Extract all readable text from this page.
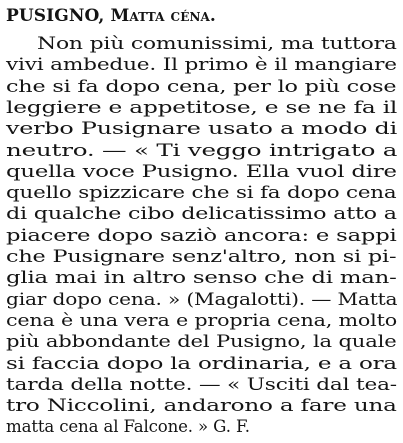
PUSIGNO, Matta céna.
Non più comunissimi, ma tuttora
vivi ambedue. Il primo è il mangiare
che si fa dopo cena, per lo più cose
leggiere e appetitose, e se ne fa il
verbo Pusignare usato a modo di
neutro. — « Ti veggo intrigato a
quella voce Pusigno. Ella vuol dire
quello spizzicare che si fa dopo cena
di qualche cibo delicatissimo atto a
piacere dopo saziò ancora: e sappi
che Pusignare senz'altro, non si pi-
glia mai in altro senso che di man-
giar dopo cena. » (Magalotti). — Matta
cena è una vera e propria cena, molto
più abbondante del Pusigno, la quale
si faccia dopo la ordinaria, e a ora
tarda della notte. — « Usciti dal tea-
tro Niccolini, andarono a fare una
matta cena al Falcone. » G. F.
